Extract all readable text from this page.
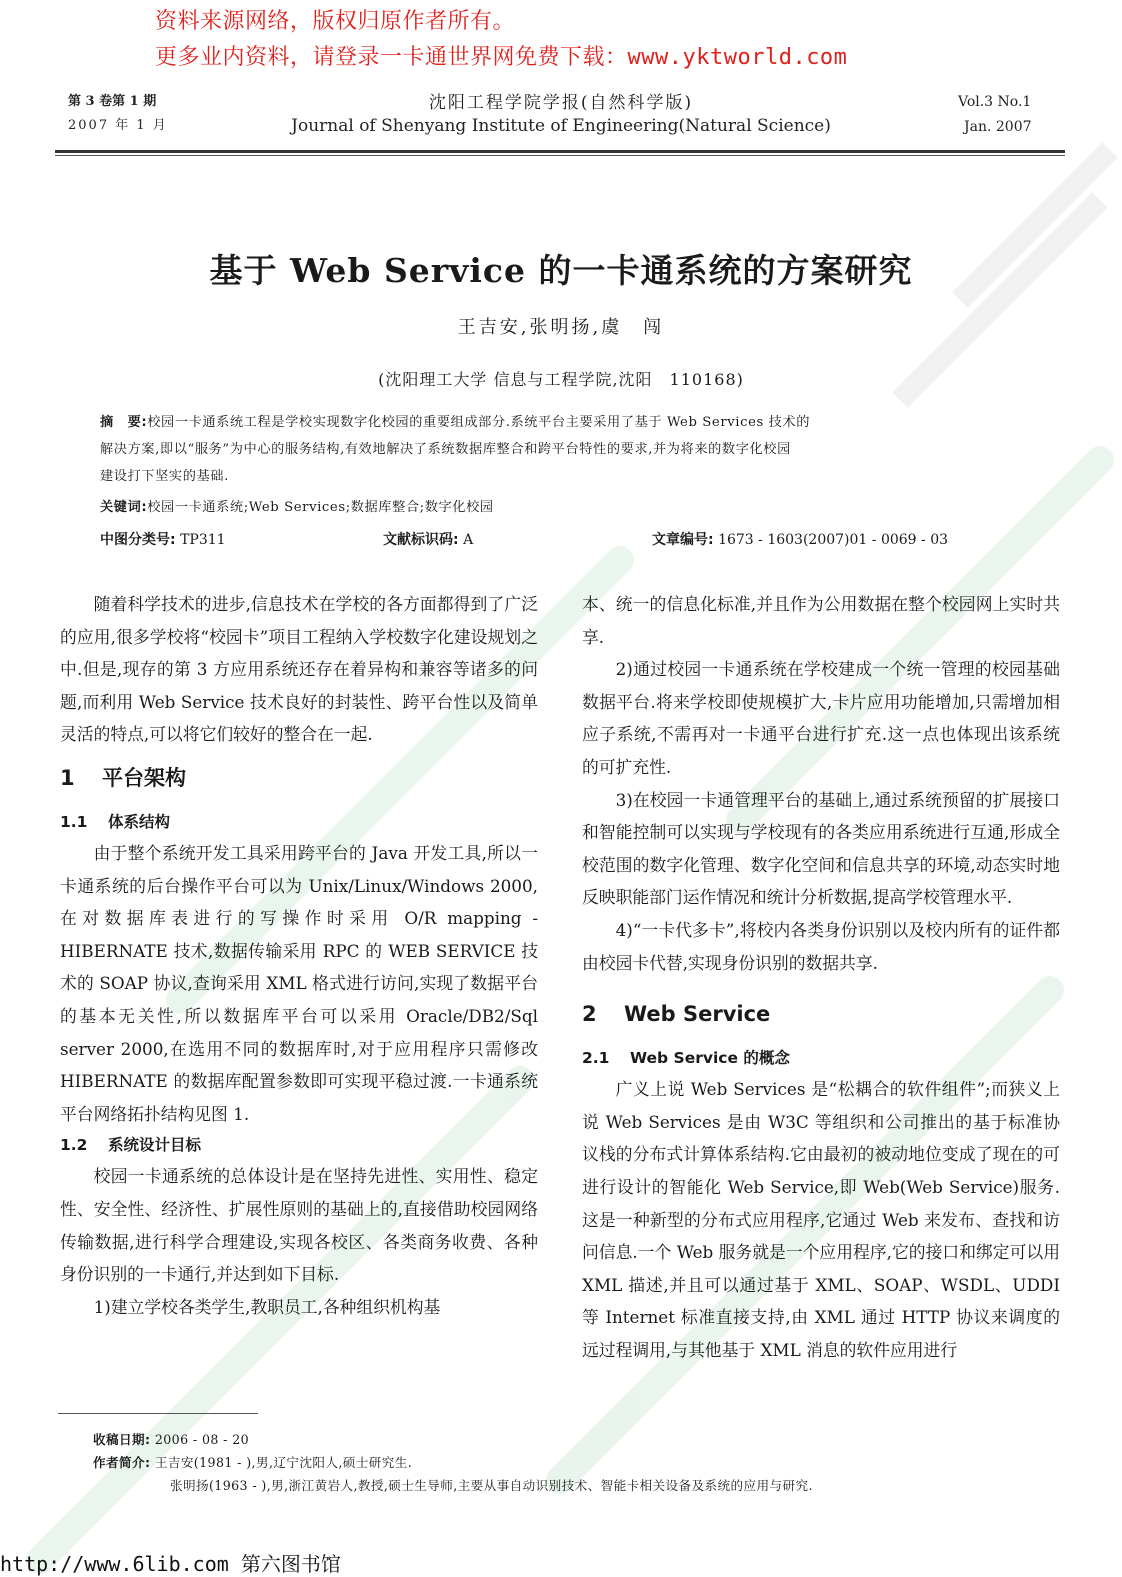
资料来源网络，版权归原作者所有。
更多业内资料，请登录一卡通世界网免费下载：www.yktworld.com
第 3 卷第 1 期
2007 年 1 月
沈阳工程学院学报(自然科学版)
Journal of Shenyang Institute of Engineering(Natural Science)
Vol.3 No.1
Jan. 2007
基于 Web Service 的一卡通系统的方案研究
王吉安,张明扬,虞　闯
(沈阳理工大学 信息与工程学院,沈阳　110168)
摘　要:校园一卡通系统工程是学校实现数字化校园的重要组成部分.系统平台主要采用了基于 Web Services 技术的
解决方案,即以“服务”为中心的服务结构,有效地解决了系统数据库整合和跨平台特性的要求,并为将来的数字化校园
建设打下坚实的基础.
关键词:校园一卡通系统;Web Services;数据库整合;数字化校园
中图分类号: TP311	文献标识码: A	文章编号: 1673 - 1603(2007)01 - 0069 - 03

随着科学技术的进步,信息技术在学校的各方面都得到了广泛的应用,很多学校将“校园卡”项目工程纳入学校数字化建设规划之中.但是,现存的第 3 方应用系统还存在着异构和兼容等诸多的问题,而利用 Web Service 技术良好的封装性、跨平台性以及简单灵活的特点,可以将它们较好的整合在一起.

1 平台架构
1.1 体系结构

由于整个系统开发工具采用跨平台的 Java 开发工具,所以一卡通系统的后台操作平台可以为 Unix/Linux/Windows 2000,在对数据库表进行的写操作时采用 O/R mapping - HIBERNATE 技术,数据传输采用 RPC 的 WEB SERVICE 技术的 SOAP 协议,查询采用 XML 格式进行访问,实现了数据平台的基本无关性,所以数据库平台可以采用 Oracle/DB2/Sql server 2000,在选用不同的数据库时,对于应用程序只需修改 HIBERNATE 的数据库配置参数即可实现平稳过渡.一卡通系统平台网络拓扑结构见图 1.

1.2 系统设计目标

校园一卡通系统的总体设计是在坚持先进性、实用性、稳定性、安全性、经济性、扩展性原则的基础上的,直接借助校园网络传输数据,进行科学合理建设,实现各校区、各类商务收费、各种身份识别的一卡通行,并达到如下目标.

1)建立学校各类学生,教职员工,各种组织机构基

本、统一的信息化标准,并且作为公用数据在整个校园网上实时共享.

2)通过校园一卡通系统在学校建成一个统一管理的校园基础数据平台.将来学校即使规模扩大,卡片应用功能增加,只需增加相应子系统,不需再对一卡通平台进行扩充.这一点也体现出该系统的可扩充性.

3)在校园一卡通管理平台的基础上,通过系统预留的扩展接口和智能控制可以实现与学校现有的各类应用系统进行互通,形成全校范围的数字化管理、数字化空间和信息共享的环境,动态实时地反映职能部门运作情况和统计分析数据,提高学校管理水平.

4)“一卡代多卡”,将校内各类身份识别以及校内所有的证件都由校园卡代替,实现身份识别的数据共享.

2 Web Service
2.1 Web Service 的概念

广义上说 Web Services 是“松耦合的软件组件”;而狭义上说 Web Services 是由 W3C 等组织和公司推出的基于标准协议栈的分布式计算体系结构.它由最初的被动地位变成了现在的可进行设计的智能化 Web Service,即 Web(Web Service)服务.这是一种新型的分布式应用程序,它通过 Web 来发布、查找和访问信息.一个 Web 服务就是一个应用程序,它的接口和绑定可以用 XML 描述,并且可以通过基于 XML、SOAP、WSDL、UDDI 等 Internet 标准直接支持,由 XML 通过 HTTP 协议来调度的远过程调用,与其他基于 XML 消息的软件应用进行

收稿日期: 2006 - 08 - 20
作者简介: 王吉安(1981 - ),男,辽宁沈阳人,硕士研究生.
张明扬(1963 - ),男,浙江黄岩人,教授,硕士生导师,主要从事自动识别技术、智能卡相关设备及系统的应用与研究.
http://www.6lib.com 第六图书馆
